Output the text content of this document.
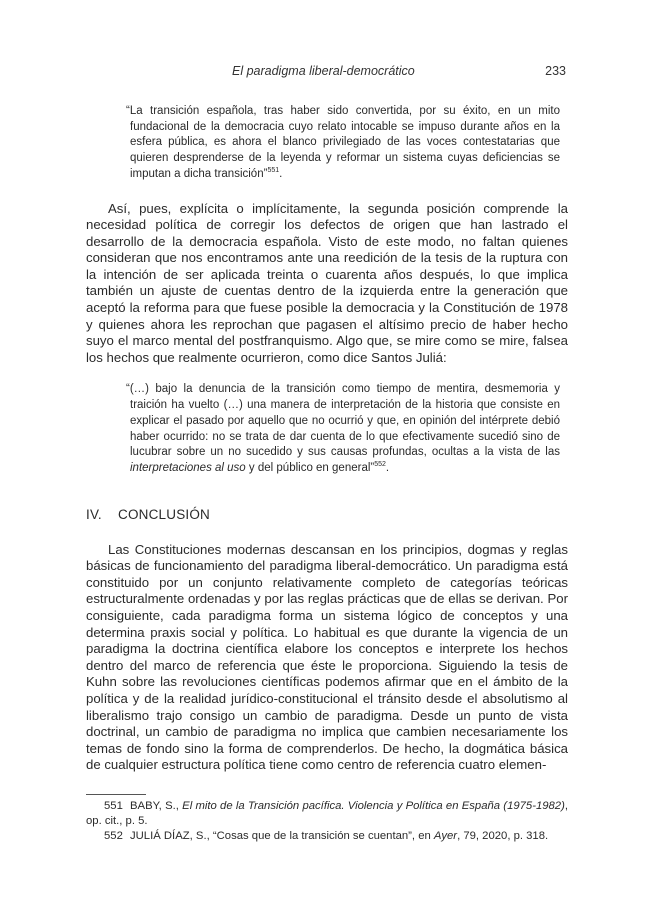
El paradigma liberal-democrático	233

“La transición española, tras haber sido convertida, por su éxito, en un mito fundacional de la democracia cuyo relato intocable se impuso durante años en la esfera pública, es ahora el blanco privilegiado de las voces contestatarias que quieren desprenderse de la leyenda y reformar un sistema cuyas deficiencias se imputan a dicha transición”$^{551}$.

Así, pues, explícita o implícitamente, la segunda posición comprende la necesidad política de corregir los defectos de origen que han lastrado el desarrollo de la democracia española. Visto de este modo, no faltan quienes consideran que nos encontramos ante una reedición de la tesis de la ruptura con la intención de ser aplicada treinta o cuarenta años después, lo que implica también un ajuste de cuentas dentro de la izquierda entre la generación que aceptó la reforma para que fuese posible la democracia y la Constitución de 1978 y quienes ahora les reprochan que pagasen el altísimo precio de haber hecho suyo el marco mental del postfranquismo. Algo que, se mire como se mire, falsea los hechos que realmente ocurrieron, como dice Santos Juliá:

“(…) bajo la denuncia de la transición como tiempo de mentira, desmemoria y traición ha vuelto (…) una manera de interpretación de la historia que consiste en explicar el pasado por aquello que no ocurrió y que, en opinión del intérprete debió haber ocurrido: no se trata de dar cuenta de lo que efectivamente sucedió sino de lucubrar sobre un no sucedido y sus causas profundas, ocultas a la vista de las interpretaciones al uso y del público en general”$^{552}$.

IV. CONCLUSIÓN

Las Constituciones modernas descansan en los principios, dogmas y reglas básicas de funcionamiento del paradigma liberal-democrático. Un paradigma está constituido por un conjunto relativamente completo de categorías teóricas estructuralmente ordenadas y por las reglas prácticas que de ellas se derivan. Por consiguiente, cada paradigma forma un sistema lógico de conceptos y una determina praxis social y política. Lo habitual es que durante la vigencia de un paradigma la doctrina científica elabore los conceptos e interprete los hechos dentro del marco de referencia que éste le proporciona. Siguiendo la tesis de Kuhn sobre las revoluciones científicas podemos afirmar que en el ámbito de la política y de la realidad jurídico-constitucional el tránsito desde el absolutismo al liberalismo trajo consigo un cambio de paradigma. Desde un punto de vista doctrinal, un cambio de paradigma no implica que cambien necesariamente los temas de fondo sino la forma de comprenderlos. De hecho, la dogmática básica de cualquier estructura política tiene como centro de referencia cuatro elemen-

551 BABY, S., El mito de la Transición pacífica. Violencia y Política en España (1975-1982), op. cit., p. 5.

552 JULIÁ DÍAZ, S., “Cosas que de la transición se cuentan”, en Ayer, 79, 2020, p. 318.
